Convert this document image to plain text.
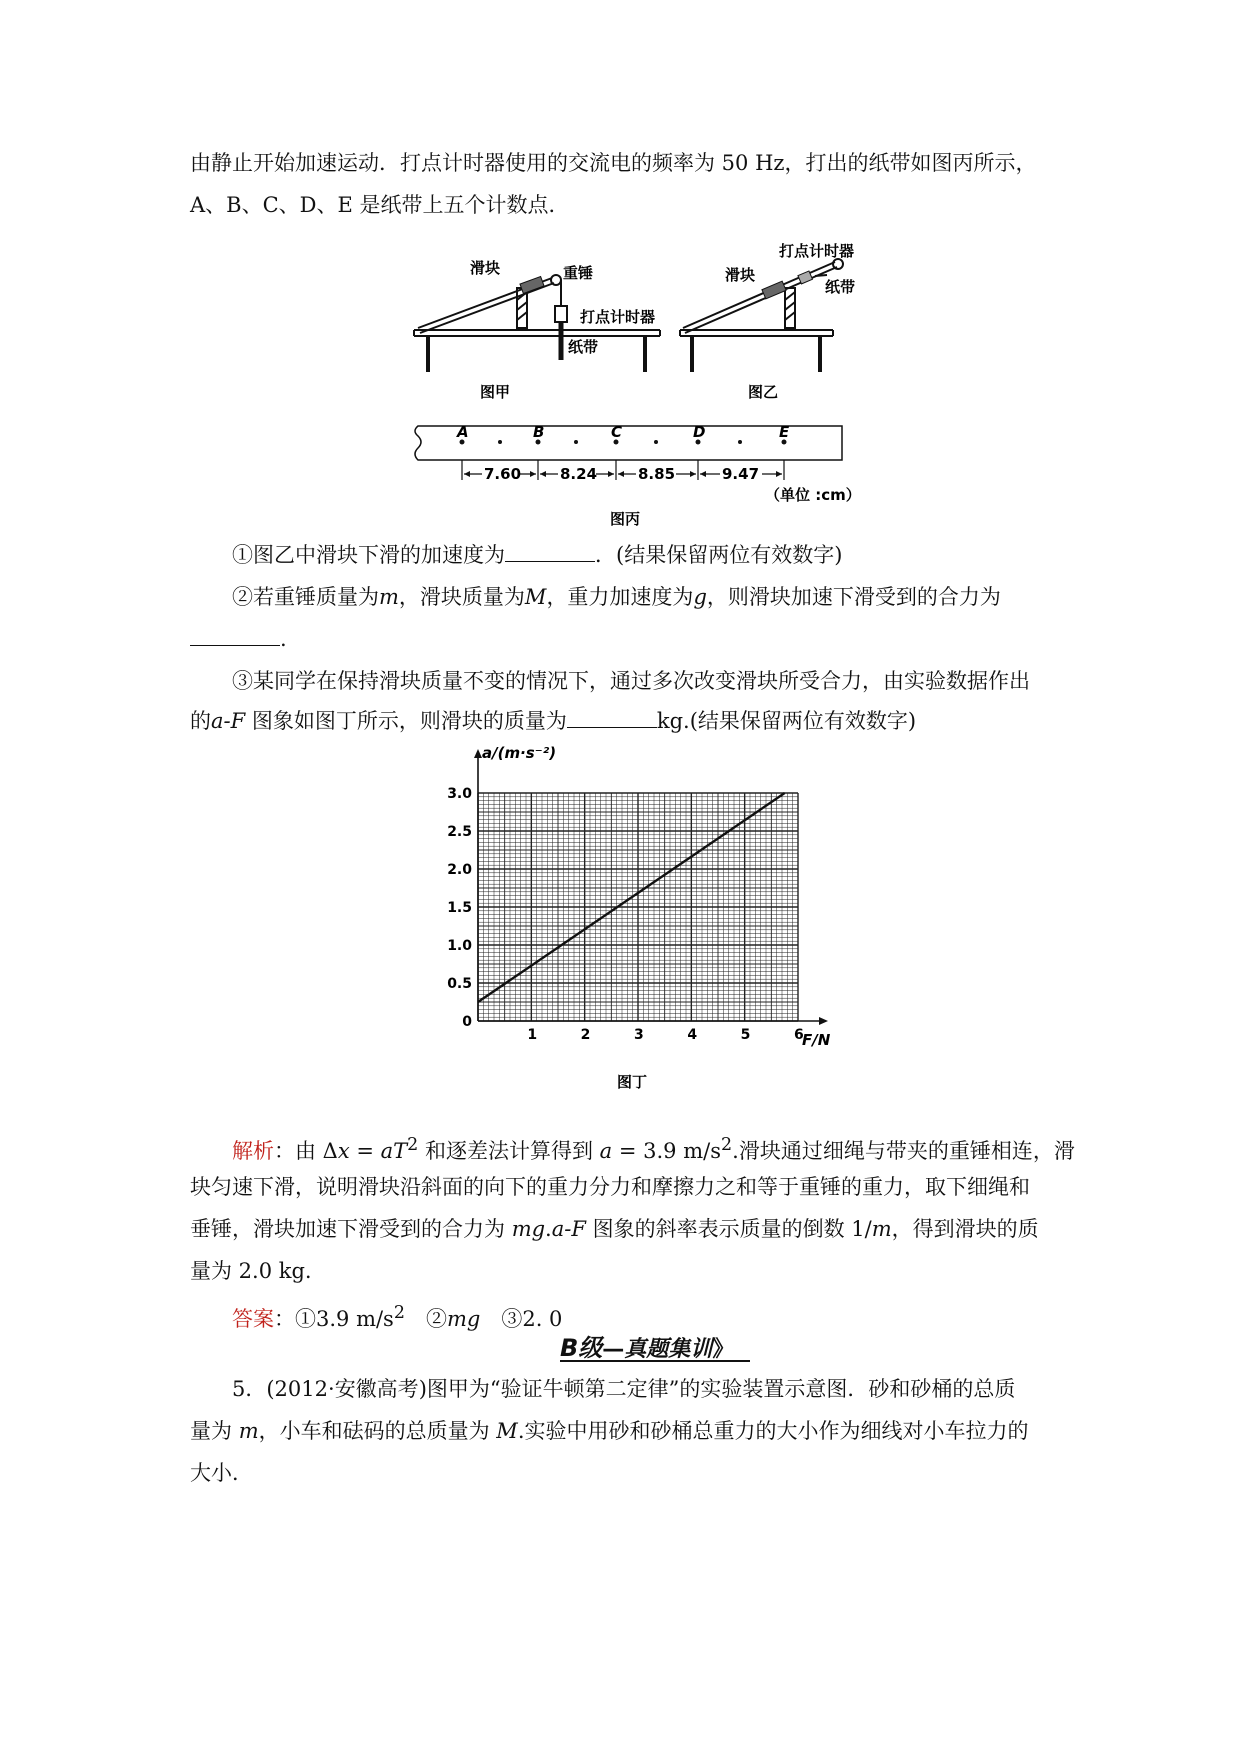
由静止开始加速运动．打点计时器使用的交流电的频率为 50 Hz，打出的纸带如图丙所示，
A、B、C、D、E 是纸带上五个计数点．
滑块	重锤
打点计时器
纸带
图甲
打点计时器
滑块
纸带
图乙
A	B	C	D	E
7.60	8.24	8.85	9.47
（单位 :cm）
图丙
①图乙中滑块下滑的加速度为	．(结果保留两位有效数字)
②若重锤质量为m，滑块质量为M，重力加速度为g，则滑块加速下滑受到的合力为
.
③某同学在保持滑块质量不变的情况下，通过多次改变滑块所受合力，由实验数据作出
的a-F 图象如图丁所示，则滑块的质量为	kg.(结果保留两位有效数字)
1	2	3	4	5	6
0
0.5
1.0
1.5
2.0
2.5
3.0
a/(m·s⁻²)
F/N
图丁
解析：由 $\Delta x = aT^2$ 和逐差法计算得到 a = 3.9 $m/s^2$.滑块通过细绳与带夹的重锤相连，滑
块匀速下滑，说明滑块沿斜面的向下的重力分力和摩擦力之和等于重锤的重力，取下细绳和
垂锤，滑块加速下滑受到的合力为 mg.a-F 图象的斜率表示质量的倒数 1/m，得到滑块的质
量为 2.0 kg.
答案：①3.9 $m/s^2$　②mg　③2. 0
B级—真题集训》
5．(2012·安徽高考)图甲为“验证牛顿第二定律”的实验装置示意图．砂和砂桶的总质
量为 m，小车和砝码的总质量为 M.实验中用砂和砂桶总重力的大小作为细线对小车拉力的
大小．
